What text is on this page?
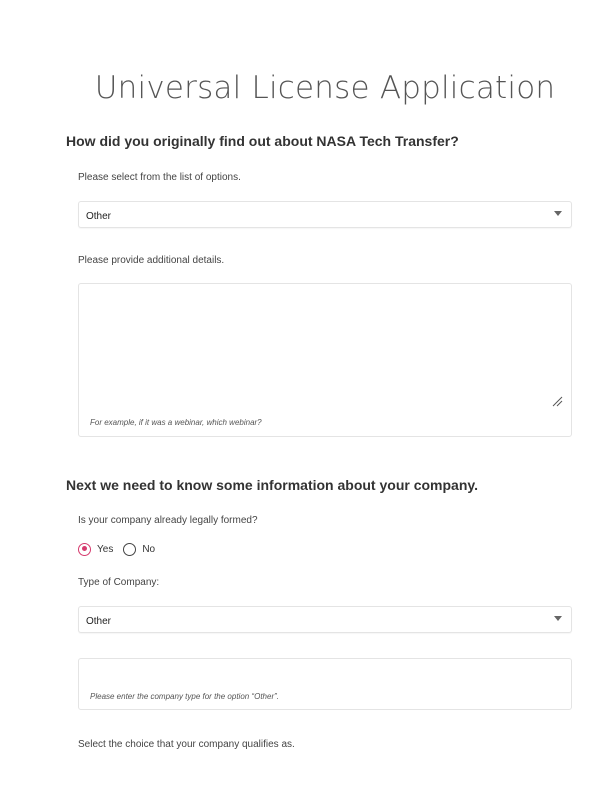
Universal License Application
How did you originally find out about NASA Tech Transfer?
Please select from the list of options.
Other
Please provide additional details.
For example, if it was a webinar, which webinar?
Next we need to know some information about your company.
Is your company already legally formed?
Yes	No
Type of Company:
Other
Please enter the company type for the option “Other”.
Select the choice that your company qualifies as.
